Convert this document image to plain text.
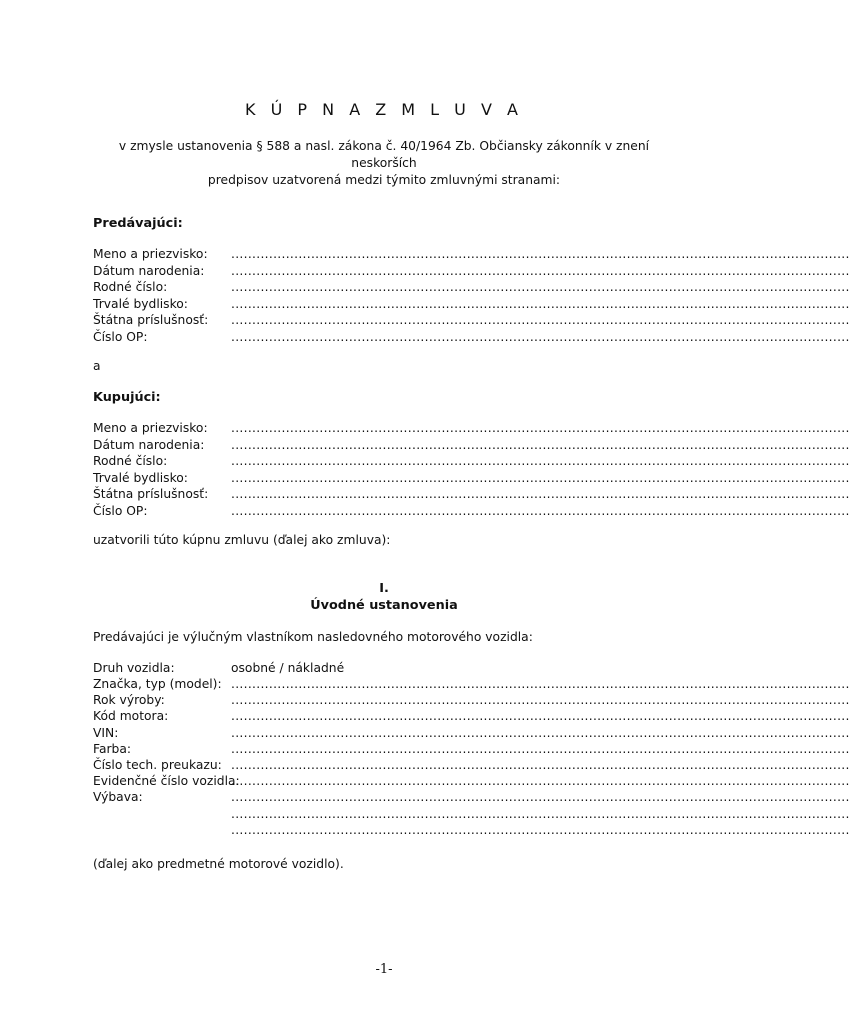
K Ú P N A Z M L U V A
v zmysle ustanovenia § 588 a nasl. zákona č. 40/1964 Zb. Občiansky zákonník v znení neskorších
predpisov uzatvorená medzi týmito zmluvnými stranami:
Predávajúci:
Meno a priezvisko: ...................................................................................................................................................
Dátum narodenia: ...................................................................................................................................................
Rodné číslo:	...................................................................................................................................................
Trvalé bydlisko:	...................................................................................................................................................
Štátna príslušnosť: ...................................................................................................................................................
Číslo OP:	...................................................................................................................................................
a
Kupujúci:
Meno a priezvisko: ...................................................................................................................................................
Dátum narodenia: ...................................................................................................................................................
Rodné číslo:	...................................................................................................................................................
Trvalé bydlisko:	...................................................................................................................................................
Štátna príslušnosť: ...................................................................................................................................................
Číslo OP:	...................................................................................................................................................
uzatvorili túto kúpnu zmluvu (ďalej ako zmluva):
I.
Úvodné ustanovenia
Predávajúci je výlučným vlastníkom nasledovného motorového vozidla:
Druh vozidla:	osobné / nákladné
Značka, typ (model): ...................................................................................................................................................
Rok výroby:	...................................................................................................................................................
Kód motora:	...................................................................................................................................................
VIN:	...................................................................................................................................................
Farba:	...................................................................................................................................................
Číslo tech. preukazu: ...................................................................................................................................................
Evidenčné číslo vozidla:
...................................................................................................................................................
Výbava:	...................................................................................................................................................
...................................................................................................................................................
...................................................................................................................................................
(ďalej ako predmetné motorové vozidlo).
-1-
